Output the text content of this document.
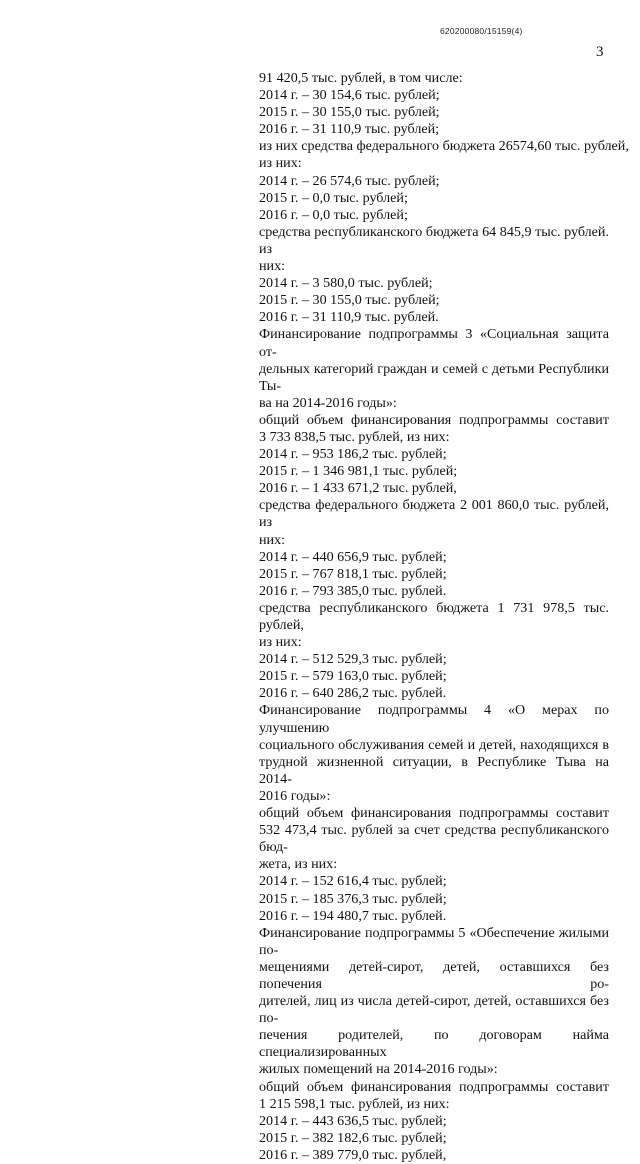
620200080/15159(4)
3
91 420,5 тыс. рублей, в том числе:
2014 г. – 30 154,6 тыс. рублей;
2015 г. – 30 155,0 тыс. рублей;
2016 г. – 31 110,9 тыс. рублей;
из них средства федерального бюджета 26574,60 тыс. рублей,
из них:
2014 г. – 26 574,6 тыс. рублей;
2015 г. – 0,0 тыс. рублей;
2016 г. – 0,0 тыс. рублей;
средства республиканского бюджета 64 845,9 тыс. рублей. из
них:
2014 г. – 3 580,0 тыс. рублей;
2015 г. – 30 155,0 тыс. рублей;
2016 г. – 31 110,9 тыс. рублей.
Финансирование подпрограммы 3 «Социальная защита от-
дельных категорий граждан и семей с детьми Республики Ты-
ва на 2014-2016 годы»:
общий объем финансирования подпрограммы составит
3 733 838,5 тыс. рублей, из них:
2014 г. – 953 186,2 тыс. рублей;
2015 г. – 1 346 981,1 тыс. рублей;
2016 г. – 1 433 671,2 тыс. рублей,
средства федерального бюджета 2 001 860,0 тыс. рублей, из
них:
2014 г. – 440 656,9 тыс. рублей;
2015 г. – 767 818,1 тыс. рублей;
2016 г. – 793 385,0 тыс. рублей.
средства республиканского бюджета 1 731 978,5 тыс. рублей,
из них:
2014 г. – 512 529,3 тыс. рублей;
2015 г. – 579 163,0 тыс. рублей;
2016 г. – 640 286,2 тыс. рублей.
Финансирование подпрограммы 4 «О мерах по улучшению
социального обслуживания семей и детей, находящихся в
трудной жизненной ситуации, в Республике Тыва на 2014-
2016 годы»:
общий объем финансирования подпрограммы составит
532 473,4 тыс. рублей за счет средства республиканского бюд-
жета, из них:
2014 г. – 152 616,4 тыс. рублей;
2015 г. – 185 376,3 тыс. рублей;
2016 г. – 194 480,7 тыс. рублей.
Финансирование подпрограммы 5 «Обеспечение жилыми по-
мещениями детей-сирот, детей, оставшихся без попечения ро-
дителей, лиц из числа детей-сирот, детей, оставшихся без по-
печения родителей, по договорам найма специализированных
жилых помещений на 2014-2016 годы»:
общий объем финансирования подпрограммы составит
1 215 598,1 тыс. рублей, из них:
2014 г. – 443 636,5 тыс. рублей;
2015 г. – 382 182,6 тыс. рублей;
2016 г. – 389 779,0 тыс. рублей,
